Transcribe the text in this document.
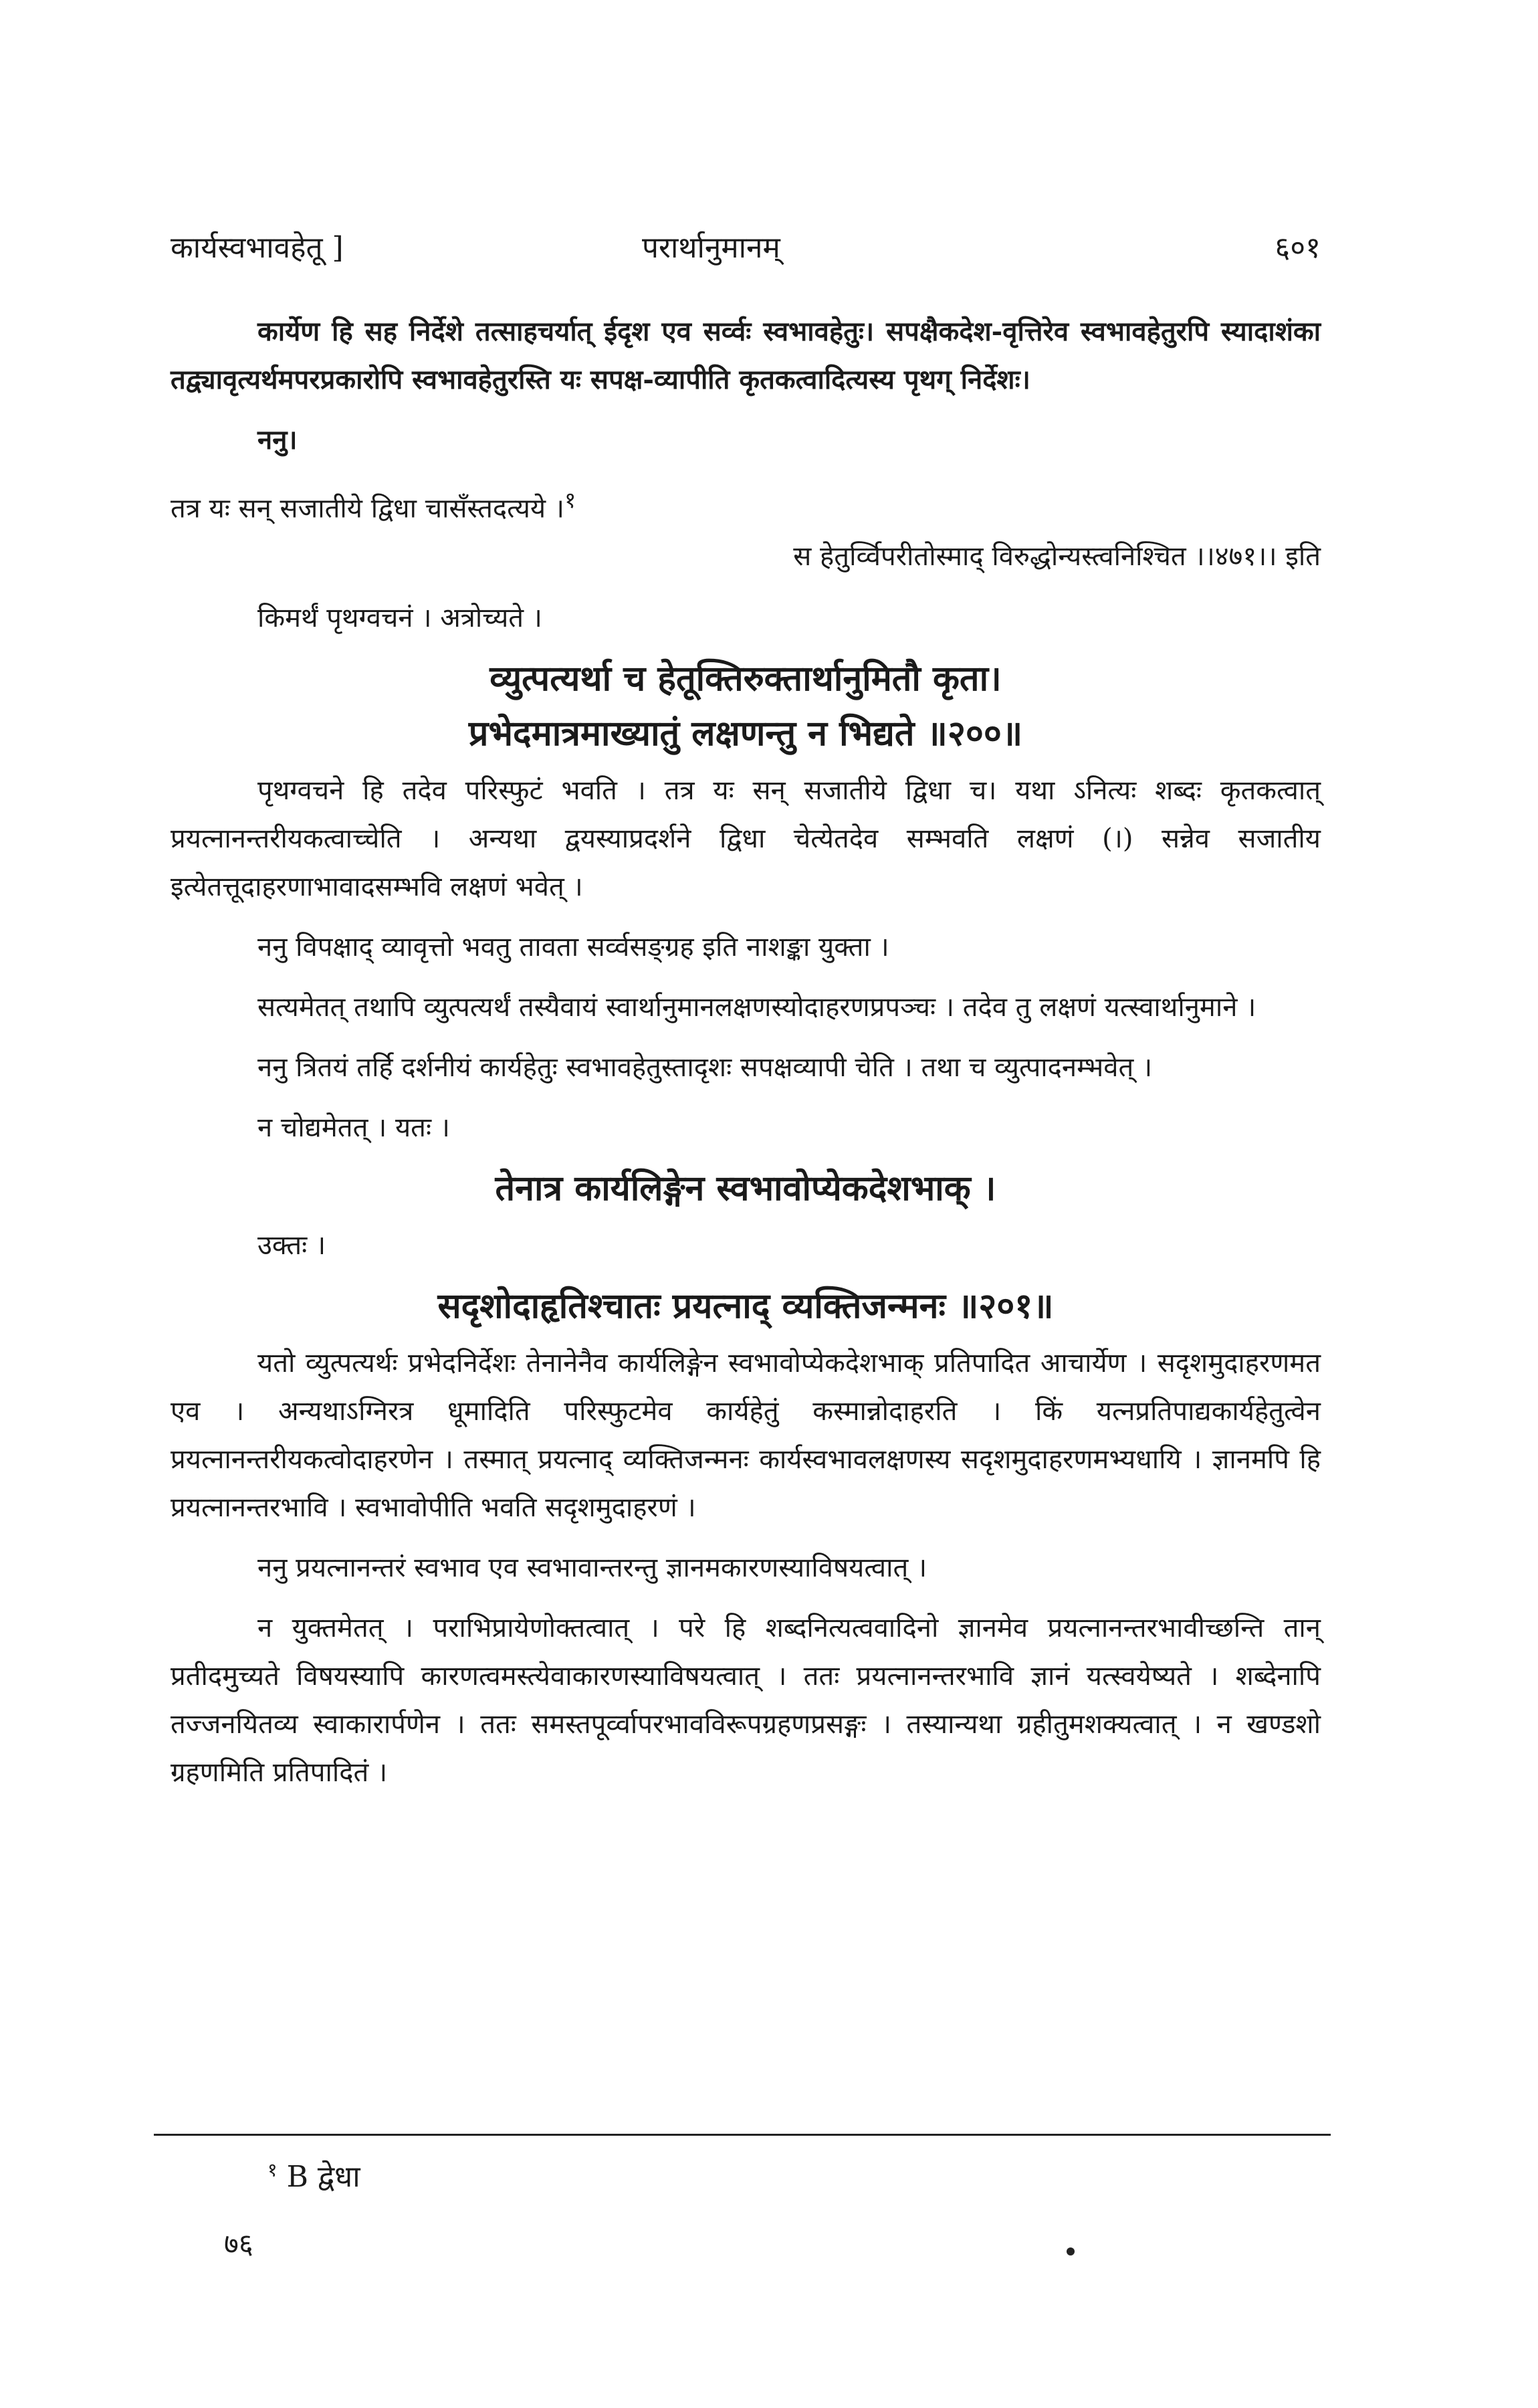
कार्यस्वभावहेतू ]	परार्थानुमानम्	६०१

कार्येण हि सह निर्देशे तत्साहचर्यात् ईदृश एव सर्व्वः स्वभावहेतुः। सपक्षैकदेश-वृत्तिरेव स्वभावहेतुरपि स्यादाशंका तद्व्यावृत्यर्थमपरप्रकारोपि स्वभावहेतुरस्ति यः सपक्ष-व्यापीति कृतकत्वादित्यस्य पृथग् निर्देशः।

ननु।

तत्र यः सन् सजातीये द्विधा चासँस्तदत्यये ।$^१$

स हेतुर्व्विपरीतोस्माद् विरुद्धोन्यस्त्वनिश्चित ।।४७१।। इति

किमर्थं पृथग्वचनं । अत्रोच्यते ।

व्युत्पत्यर्था च हेतूक्तिरुक्तार्थानुमितौ कृता।

प्रभेदमात्रमाख्यातुं लक्षणन्तु न भिद्यते ॥२००॥

पृथग्वचने हि तदेव परिस्फुटं भवति । तत्र यः सन् सजातीये द्विधा च। यथा ऽनित्यः शब्दः कृतकत्वात् प्रयत्नानन्तरीयकत्वाच्चेति । अन्यथा द्वयस्याप्रदर्शने द्विधा चेत्येतदेव सम्भवति लक्षणं (।) सन्नेव सजातीय इत्येतत्तूदाहरणाभावादसम्भवि लक्षणं भवेत् ।

ननु विपक्षाद् व्यावृत्तो भवतु तावता सर्व्वसङ्ग्रह इति नाशङ्का युक्ता ।

सत्यमेतत् तथापि व्युत्पत्यर्थं तस्यैवायं स्वार्थानुमानलक्षणस्योदाहरणप्रपञ्चः । तदेव तु लक्षणं यत्स्वार्थानुमाने ।

ननु त्रितयं तर्हि दर्शनीयं कार्यहेतुः स्वभावहेतुस्तादृशः सपक्षव्यापी चेति । तथा च व्युत्पादनम्भवेत् ।

न चोद्यमेतत् । यतः ।

तेनात्र कार्यलिङ्गेन स्वभावोप्येकदेशभाक् ।

उक्तः ।

सदृशोदाहृतिश्चातः प्रयत्नाद् व्यक्तिजन्मनः ॥२०१॥

यतो व्युत्पत्यर्थः प्रभेदनिर्देशः तेनानेनैव कार्यलिङ्गेन स्वभावोप्येकदेशभाक् प्रतिपादित आचार्येण । सदृशमुदाहरणमत एव । अन्यथाऽग्निरत्र धूमादिति परिस्फुटमेव कार्यहेतुं कस्मान्नोदाहरति । किं यत्नप्रतिपाद्यकार्यहेतुत्वेन प्रयत्नानन्तरीयकत्वोदाहरणेन । तस्मात् प्रयत्नाद् व्यक्तिजन्मनः कार्यस्वभावलक्षणस्य सदृशमुदाहरणमभ्यधायि । ज्ञानमपि हि प्रयत्नानन्तरभावि । स्वभावोपीति भवति सदृशमुदाहरणं ।

ननु प्रयत्नानन्तरं स्वभाव एव स्वभावान्तरन्तु ज्ञानमकारणस्याविषयत्वात् ।

न युक्तमेतत् । पराभिप्रायेणोक्तत्वात् । परे हि शब्दनित्यत्ववादिनो ज्ञानमेव प्रयत्नानन्तरभावीच्छन्ति तान् प्रतीदमुच्यते विषयस्यापि कारणत्वमस्त्येवाकारणस्याविषयत्वात् । ततः प्रयत्नानन्तरभावि ज्ञानं यत्स्वयेष्यते । शब्देनापि तज्जनयितव्य स्वाकारार्पणेन । ततः समस्तपूर्व्वापरभावविरूपग्रहणप्रसङ्गः । तस्यान्यथा ग्रहीतुमशक्यत्वात् । न खण्डशो ग्रहणमिति प्रतिपादितं ।

$^१$ B द्वेधा
७६
